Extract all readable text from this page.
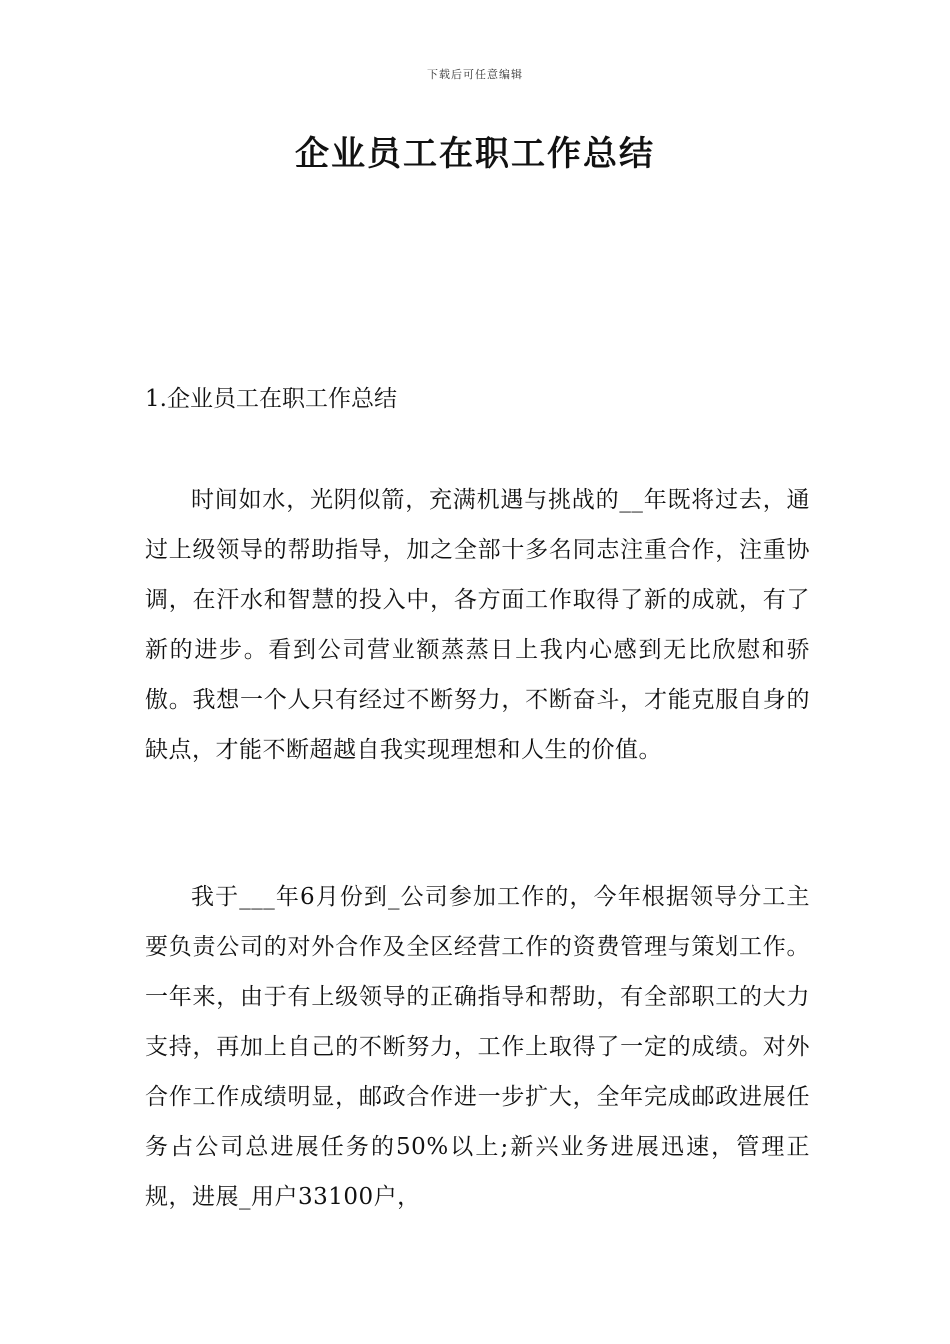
下载后可任意编辑
企业员工在职工作总结
1.企业员工在职工作总结

时间如水，光阴似箭，充满机遇与挑战的__年既将过去，通过上级领导的帮助指导，加之全部十多名同志注重合作，注重协调，在汗水和智慧的投入中，各方面工作取得了新的成就，有了新的进步。看到公司营业额蒸蒸日上我内心感到无比欣慰和骄傲。我想一个人只有经过不断努力，不断奋斗，才能克服自身的缺点，才能不断超越自我实现理想和人生的价值。

我于___年6月份到_公司参加工作的，今年根据领导分工主要负责公司的对外合作及全区经营工作的资费管理与策划工作。一年来，由于有上级领导的正确指导和帮助，有全部职工的大力支持，再加上自己的不断努力，工作上取得了一定的成绩。对外合作工作成绩明显，邮政合作进一步扩大，全年完成邮政进展任务占公司总进展任务的50%以上;新兴业务进展迅速，管理正规，进展_用户33100户，
